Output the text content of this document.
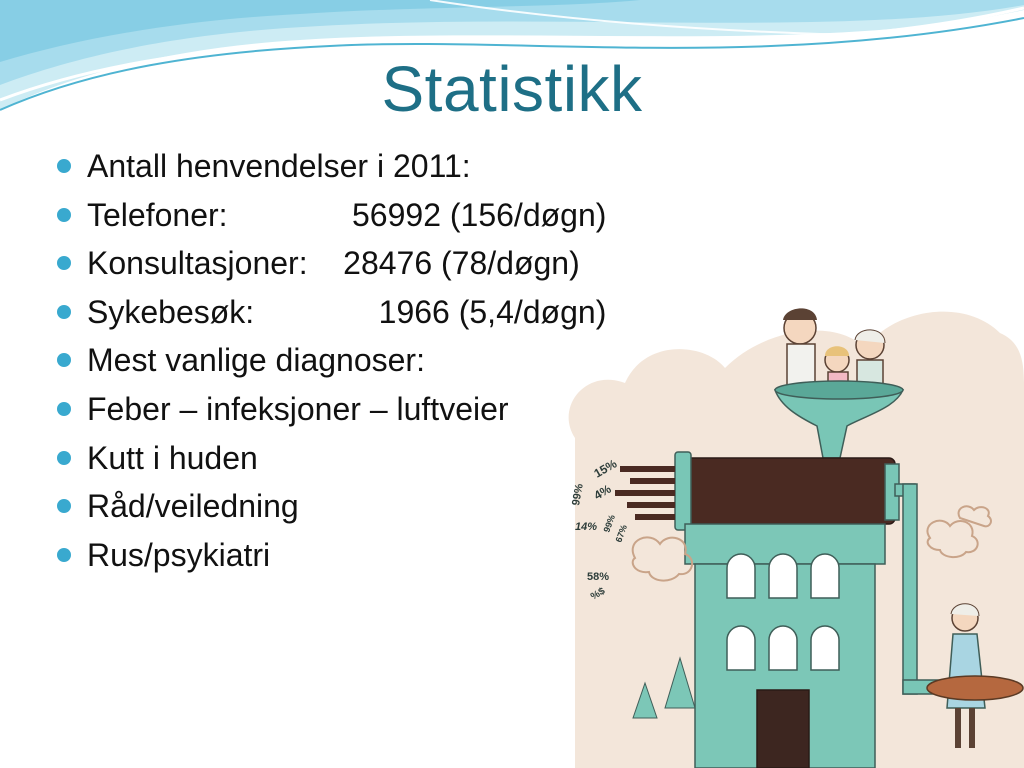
Statistikk
Antall henvendelser i 2011:
Telefoner:              56992 (156/døgn)
Konsultasjoner:    28476 (78/døgn)
Sykebesøk:              1966 (5,4/døgn)
Mest vanlige diagnoser:
Feber – infeksjoner – luftveier
Kutt i huden
Råd/veiledning
Rus/psykiatri
15%
4%
99%
14%
58%
67%
99%
%$
